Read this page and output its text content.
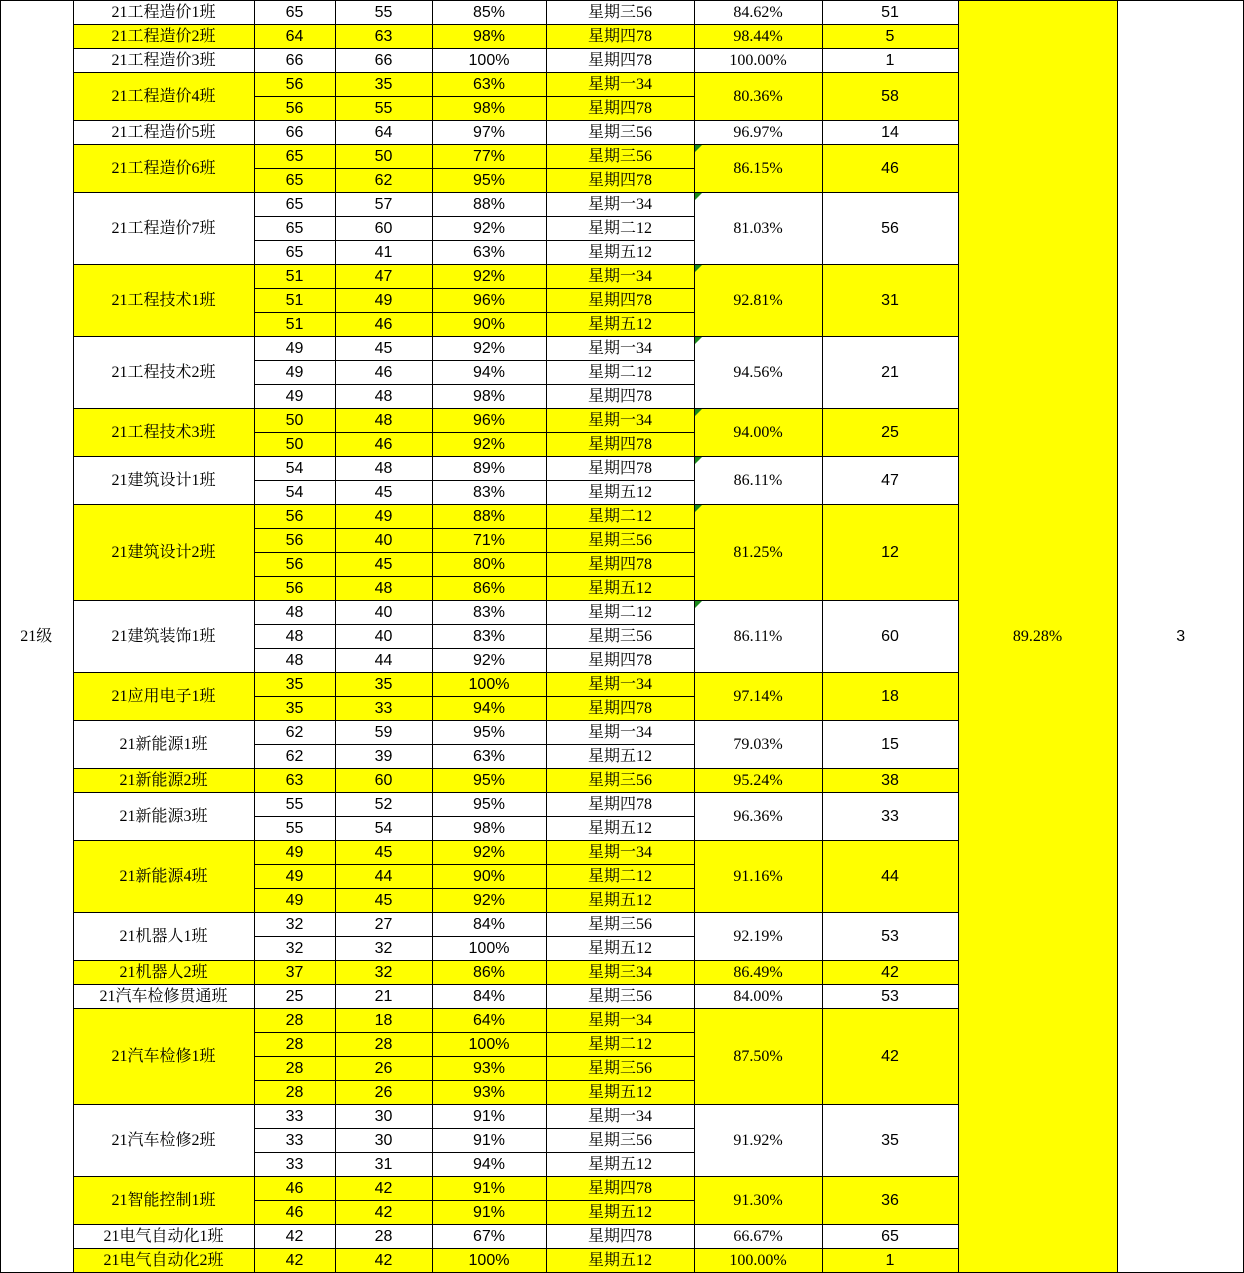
21级	21工程造价1班	65	55	85%	星期三56	84.62%	51	89.28%	3
	21工程造价2班	64	63	98%	星期四78	98.44%	5		
	21工程造价3班	66	66	100%	星期四78	100.00%	1		
	21工程造价4班	56	35	63%	星期一34	80.36%	58		
		56	55	98%	星期四78				
	21工程造价5班	66	64	97%	星期三56	96.97%	14		
	21工程造价6班	65	50	77%	星期三56	86.15%	46		
		65	62	95%	星期四78				
	21工程造价7班	65	57	88%	星期一34	81.03%	56		
		65	60	92%	星期二12				
		65	41	63%	星期五12				
	21工程技术1班	51	47	92%	星期一34	92.81%	31		
		51	49	96%	星期四78				
		51	46	90%	星期五12				
	21工程技术2班	49	45	92%	星期一34	94.56%	21		
		49	46	94%	星期二12				
		49	48	98%	星期四78				
	21工程技术3班	50	48	96%	星期一34	94.00%	25		
		50	46	92%	星期四78				
	21建筑设计1班	54	48	89%	星期四78	86.11%	47		
		54	45	83%	星期五12				
	21建筑设计2班	56	49	88%	星期二12	81.25%	12		
		56	40	71%	星期三56				
		56	45	80%	星期四78				
		56	48	86%	星期五12				
	21建筑装饰1班	48	40	83%	星期二12	86.11%	60		
		48	40	83%	星期三56				
		48	44	92%	星期四78				
	21应用电子1班	35	35	100%	星期一34	97.14%	18		
		35	33	94%	星期四78				
	21新能源1班	62	59	95%	星期一34	79.03%	15		
		62	39	63%	星期五12				
	21新能源2班	63	60	95%	星期三56	95.24%	38		
	21新能源3班	55	52	95%	星期四78	96.36%	33		
		55	54	98%	星期五12				
	21新能源4班	49	45	92%	星期一34	91.16%	44		
		49	44	90%	星期二12				
		49	45	92%	星期五12				
	21机器人1班	32	27	84%	星期三56	92.19%	53		
		32	32	100%	星期五12				
	21机器人2班	37	32	86%	星期三34	86.49%	42		
	21汽车检修贯通班	25	21	84%	星期三56	84.00%	53		
	21汽车检修1班	28	18	64%	星期一34	87.50%	42		
		28	28	100%	星期二12				
		28	26	93%	星期三56				
		28	26	93%	星期五12				
	21汽车检修2班	33	30	91%	星期一34	91.92%	35		
		33	30	91%	星期三56				
		33	31	94%	星期五12				
	21智能控制1班	46	42	91%	星期四78	91.30%	36		
		46	42	91%	星期五12				
	21电气自动化1班	42	28	67%	星期四78	66.67%	65		
	21电气自动化2班	42	42	100%	星期五12	100.00%	1		
